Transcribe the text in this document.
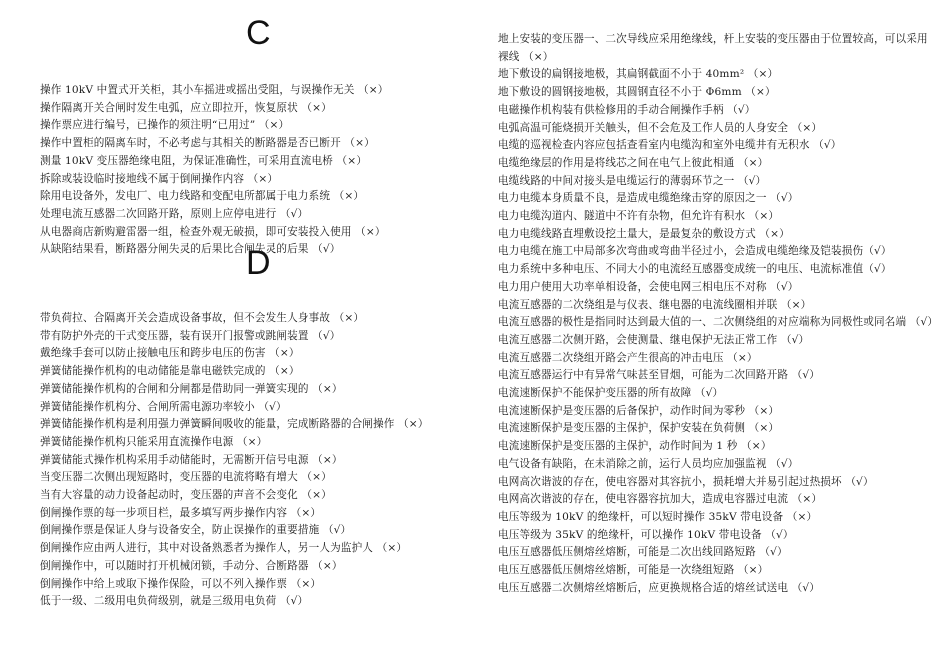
C
D
操作 10kV 中置式开关柜，其小车摇进或摇出受阻，与误操作无关 （×）
操作隔离开关合闸时发生电弧，应立即拉开，恢复原状 （×）
操作票应进行编号，已操作的须注明“已用过” （×）
操作中置柜的隔离车时，不必考虑与其相关的断路器是否已断开 （×）
测量 10kV 变压器绝缘电阻，为保证准确性，可采用直流电桥 （×）
拆除或装设临时接地线不属于倒闸操作内容 （×）
除用电设备外，发电厂、电力线路和变配电所都属于电力系统 （×）
处理电流互感器二次回路开路，原则上应停电进行 （√）
从电器商店新购避雷器一组，检查外观无破损，即可安装投入使用 （×）
从缺陷结果看，断路器分闸失灵的后果比合闸失灵的后果 （√）
带负荷拉、合隔离开关会造成设备事故，但不会发生人身事故 （×）
带有防护外壳的干式变压器，装有误开门报警或跳闸装置 （√）
戴绝缘手套可以防止接触电压和跨步电压的伤害 （×）
弹簧储能操作机构的电动储能是靠电磁铁完成的 （×）
弹簧储能操作机构的合闸和分闸都是借助同一弹簧实现的 （×）
弹簧储能操作机构分、合闸所需电源功率较小 （√）
弹簧储能操作机构是利用强力弹簧瞬间吸收的能量，完成断路器的合闸操作 （×）
弹簧储能操作机构只能采用直流操作电源 （×）
弹簧储能式操作机构采用手动储能时，无需断开信号电源 （×）
当变压器二次侧出现短路时，变压器的电流将略有增大 （×）
当有大容量的动力设备起动时，变压器的声音不会变化 （×）
倒闸操作票的每一步项目栏，最多填写两步操作内容 （×）
倒闸操作票是保证人身与设备安全，防止误操作的重要措施 （√）
倒闸操作应由两人进行，其中对设备熟悉者为操作人，另一人为监护人 （×）
倒闸操作中，可以随时打开机械闭锁，手动分、合断路器 （×）
倒闸操作中给上或取下操作保险，可以不列入操作票 （×）
低于一级、二级用电负荷级别，就是三级用电负荷 （√）
地上安装的变压器一、二次导线应采用绝缘线，杆上安装的变压器由于位置较高，可以采用裸线 （×）
地下敷设的扁钢接地极，其扁钢截面不小于 40mm² （×）
地下敷设的圆钢接地极，其圆钢直径不小于 Φ6mm （×）
电磁操作机构装有供检修用的手动合闸操作手柄 （√）
电弧高温可能烧损开关触头，但不会危及工作人员的人身安全 （×）
电缆的巡视检查内容应包括查看室内电缆沟和室外电缆井有无积水 （√）
电缆绝缘层的作用是将线芯之间在电气上彼此相通 （×）
电缆线路的中间对接头是电缆运行的薄弱环节之一 （√）
电力电缆本身质量不良，是造成电缆绝缘击穿的原因之一 （√）
电力电缆沟道内、隧道中不许有杂物，但允许有积水 （×）
电力电缆线路直埋敷设挖土量大，是最复杂的敷设方式 （×）
电力电缆在施工中局部多次弯曲或弯曲半径过小，会造成电缆绝缘及铠装损伤（√）
电力系统中多种电压、不同大小的电流经互感器变成统一的电压、电流标准值（√）
电力用户使用大功率单相设备，会使电网三相电压不对称 （√）
电流互感器的二次绕组是与仪表、继电器的电流线圈相并联 （×）
电流互感器的极性是指同时达到最大值的一、二次侧绕组的对应端称为同极性或同名端 （√）
电流互感器二次侧开路，会使测量、继电保护无法正常工作 （√）
电流互感器二次绕组开路会产生很高的冲击电压 （×）
电流互感器运行中有异常气味甚至冒烟，可能为二次回路开路 （√）
电流速断保护不能保护变压器的所有故障 （√）
电流速断保护是变压器的后备保护，动作时间为零秒 （×）
电流速断保护是变压器的主保护，保护安装在负荷侧 （×）
电流速断保护是变压器的主保护，动作时间为 1 秒 （×）
电气设备有缺陷，在未消除之前，运行人员均应加强监视 （√）
电网高次谐波的存在，使电容器对其容抗小，损耗增大并易引起过热损坏 （√）
电网高次谐波的存在，使电容器容抗加大，造成电容器过电流 （×）
电压等级为 10kV 的绝缘杆，可以短时操作 35kV 带电设备 （×）
电压等级为 35kV 的绝缘杆，可以操作 10kV 带电设备 （√）
电压互感器低压侧熔丝熔断，可能是二次出线回路短路 （√）
电压互感器低压侧熔丝熔断，可能是一次绕组短路 （×）
电压互感器二次侧熔丝熔断后，应更换规格合适的熔丝试送电 （√）
